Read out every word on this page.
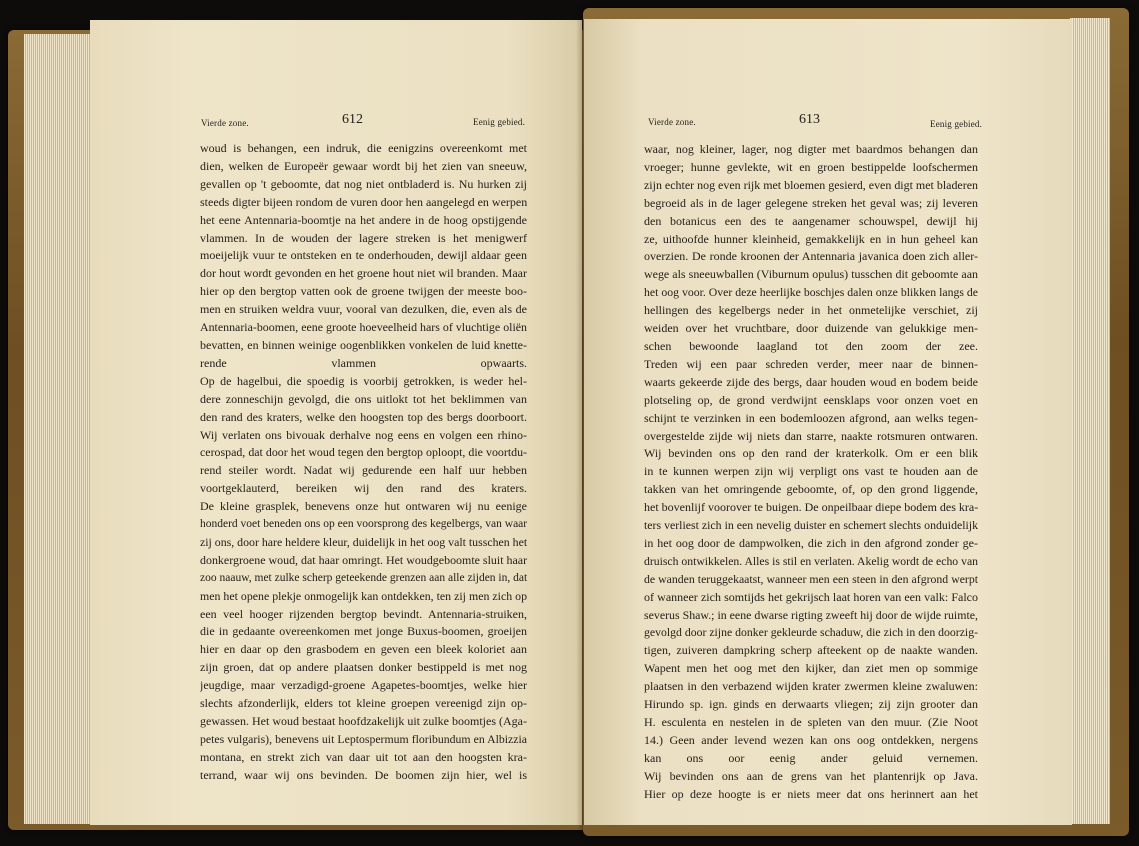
Vierde zone.	612	Eenig gebied.
woud is behangen, een indruk, die eenigzins overeenkomt met
dien, welken de Europeër gewaar wordt bij het zien van sneeuw,
gevallen op 't geboomte, dat nog niet ontbladerd is. Nu hurken zij
steeds digter bijeen rondom de vuren door hen aangelegd en werpen
het eene Antennaria-boomtje na het andere in de hoog opstijgende
vlammen. In de wouden der lagere streken is het menigwerf
moeijelijk vuur te ontsteken en te onderhouden, dewijl aldaar geen
dor hout wordt gevonden en het groene hout niet wil branden. Maar
hier op den bergtop vatten ook de groene twijgen der meeste boo-
men en struiken weldra vuur, vooral van dezulken, die, even als de
Antennaria-boomen, eene groote hoeveelheid hars of vluchtige oliën
bevatten, en binnen weinige oogenblikken vonkelen de luid knette-
rende vlammen opwaarts.
Op de hagelbui, die spoedig is voorbij getrokken, is weder hel-
dere zonneschijn gevolgd, die ons uitlokt tot het beklimmen van
den rand des kraters, welke den hoogsten top des bergs doorboort.
Wij verlaten ons bivouak derhalve nog eens en volgen een rhino-
cerospad, dat door het woud tegen den bergtop oploopt, die voortdu-
rend steiler wordt. Nadat wij gedurende een half uur hebben
voortgeklauterd, bereiken wij den rand des kraters.
De kleine grasplek, benevens onze hut ontwaren wij nu eenige
honderd voet beneden ons op een voorsprong des kegelbergs, van waar
zij ons, door hare heldere kleur, duidelijk in het oog valt tusschen het
donkergroene woud, dat haar omringt. Het woudgeboomte sluit haar
zoo naauw, met zulke scherp geteekende grenzen aan alle zijden in, dat
men het opene plekje onmogelijk kan ontdekken, ten zij men zich op
een veel hooger rijzenden bergtop bevindt. Antennaria-struiken,
die in gedaante overeenkomen met jonge Buxus-boomen, groeijen
hier en daar op den grasbodem en geven een bleek koloriet aan
zijn groen, dat op andere plaatsen donker bestippeld is met nog
jeugdige, maar verzadigd-groene Agapetes-boomtjes, welke hier
slechts afzonderlijk, elders tot kleine groepen vereenigd zijn op-
gewassen. Het woud bestaat hoofdzakelijk uit zulke boomtjes (Aga-
petes vulgaris), benevens uit Leptospermum floribundum en Albizzia
montana, en strekt zich van daar uit tot aan den hoogsten kra-
terrand, waar wij ons bevinden. De boomen zijn hier, wel is
Vierde zone.	613	Eenig gebied.
waar, nog kleiner, lager, nog digter met baardmos behangen dan
vroeger; hunne gevlekte, wit en groen bestippelde loofschermen
zijn echter nog even rijk met bloemen gesierd, even digt met bladeren
begroeid als in de lager gelegene streken het geval was; zij leveren
den botanicus een des te aangenamer schouwspel, dewijl hij
ze, uithoofde hunner kleinheid, gemakkelijk en in hun geheel kan
overzien. De ronde kroonen der Antennaria javanica doen zich aller-
wege als sneeuwballen (Viburnum opulus) tusschen dit geboomte aan
het oog voor. Over deze heerlijke boschjes dalen onze blikken langs de
hellingen des kegelbergs neder in het onmetelijke verschiet, zij
weiden over het vruchtbare, door duizende van gelukkige men-
schen bewoonde laagland tot den zoom der zee.
Treden wij een paar schreden verder, meer naar de binnen-
waarts gekeerde zijde des bergs, daar houden woud en bodem beide
plotseling op, de grond verdwijnt eensklaps voor onzen voet en
schijnt te verzinken in een bodemloozen afgrond, aan welks tegen-
overgestelde zijde wij niets dan starre, naakte rotsmuren ontwaren.
Wij bevinden ons op den rand der kraterkolk. Om er een blik
in te kunnen werpen zijn wij verpligt ons vast te houden aan de
takken van het omringende geboomte, of, op den grond liggende,
het bovenlijf voorover te buigen. De onpeilbaar diepe bodem des kra-
ters verliest zich in een nevelig duister en schemert slechts onduidelijk
in het oog door de dampwolken, die zich in den afgrond zonder ge-
druisch ontwikkelen. Alles is stil en verlaten. Akelig wordt de echo van
de wanden teruggekaatst, wanneer men een steen in den afgrond werpt
of wanneer zich somtijds het gekrijsch laat horen van een valk: Falco
severus Shaw.; in eene dwarse rigting zweeft hij door de wijde ruimte,
gevolgd door zijne donker gekleurde schaduw, die zich in den doorzig-
tigen, zuiveren dampkring scherp afteekent op de naakte wanden.
Wapent men het oog met den kijker, dan ziet men op sommige
plaatsen in den verbazend wijden krater zwermen kleine zwaluwen:
Hirundo sp. ign. ginds en derwaarts vliegen; zij zijn grooter dan
H. esculenta en nestelen in de spleten van den muur. (Zie Noot
14.) Geen ander levend wezen kan ons oog ontdekken, nergens
kan ons oor eenig ander geluid vernemen.
Wij bevinden ons aan de grens van het plantenrijk op Java.
Hier op deze hoogte is er niets meer dat ons herinnert aan het
